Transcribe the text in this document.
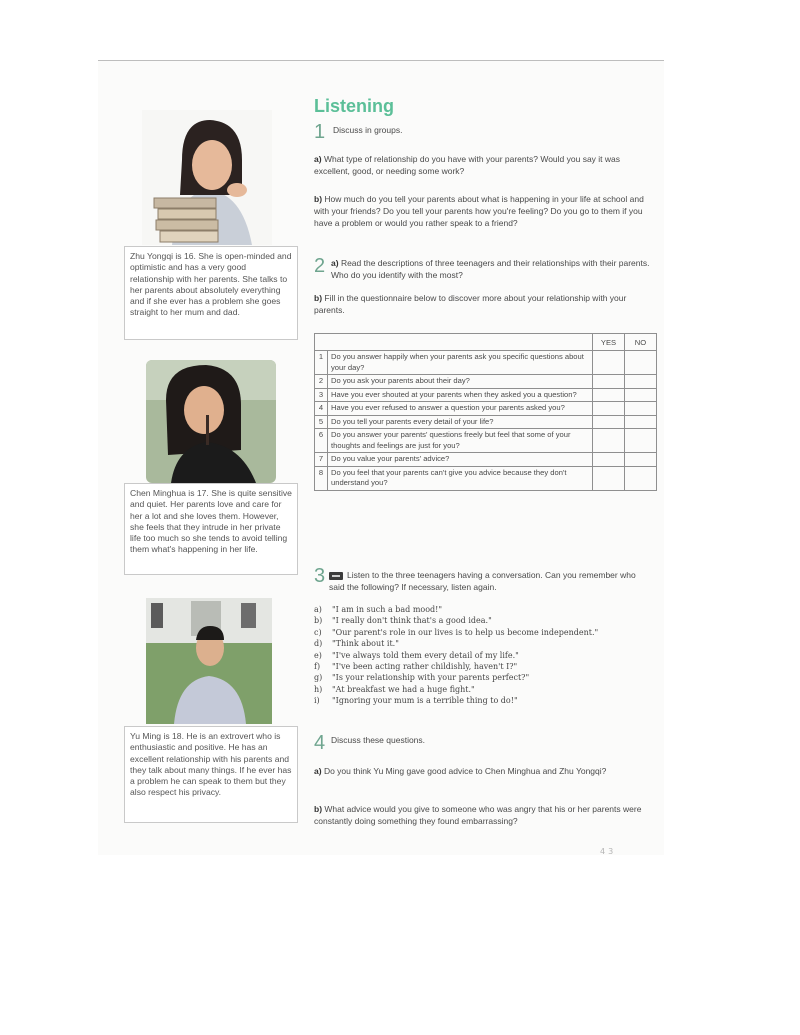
Zhu Yongqi is 16. She is open-minded and optimistic and has a very good relationship with her parents. She talks to her parents about absolutely everything and if she ever has a problem she goes straight to her mum and dad.
Chen Minghua is 17. She is quite sensitive and quiet. Her parents love and care for her a lot and she loves them. However, she feels that they intrude in her private life too much so she tends to avoid telling them what's happening in her life.
Yu Ming is 18. He is an extrovert who is enthusiastic and positive. He has an excellent relationship with his parents and they talk about many things. If he ever has a problem he can speak to them but they also respect his privacy.
Listening
1 Discuss in groups.
a) What type of relationship do you have with your parents? Would you say it was excellent, good, or needing some work?
b) How much do you tell your parents about what is happening in your life at school and with your friends? Do you tell your parents how you're feeling? Do you go to them if you have a problem or would you rather speak to a friend?
2 a) Read the descriptions of three teenagers and their relationships with their parents. Who do you identify with the most?
b) Fill in the questionnaire below to discover more about your relationship with your parents.
		YES	NO
1	Do you answer happily when your parents ask you specific questions about your day?		
2	Do you ask your parents about their day?		
3	Have you ever shouted at your parents when they asked you a question?		
4	Have you ever refused to answer a question your parents asked you?		
5	Do you tell your parents every detail of your life?		
6	Do you answer your parents' questions freely but feel that some of your thoughts and feelings are just for you?		
7	Do you value your parents' advice?		
8	Do you feel that your parents can't give you advice because they don't understand you?		
3	Listen to the three teenagers having a conversation. Can you remember who said the following? If necessary, listen again.
a)	"I am in such a bad mood!"
b)	"I really don't think that's a good idea."
c)	"Our parent's role in our lives is to help us become independent."
d)	"Think about it."
e)	"I've always told them every detail of my life."
f)	"I've been acting rather childishly, haven't I?"
g)	"Is your relationship with your parents perfect?"
h)	"At breakfast we had a huge fight."
i)	"Ignoring your mum is a terrible thing to do!"
4 Discuss these questions.
a) Do you think Yu Ming gave good advice to Chen Minghua and Zhu Yongqi?
b) What advice would you give to someone who was angry that his or her parents were constantly doing something they found embarrassing?
43
